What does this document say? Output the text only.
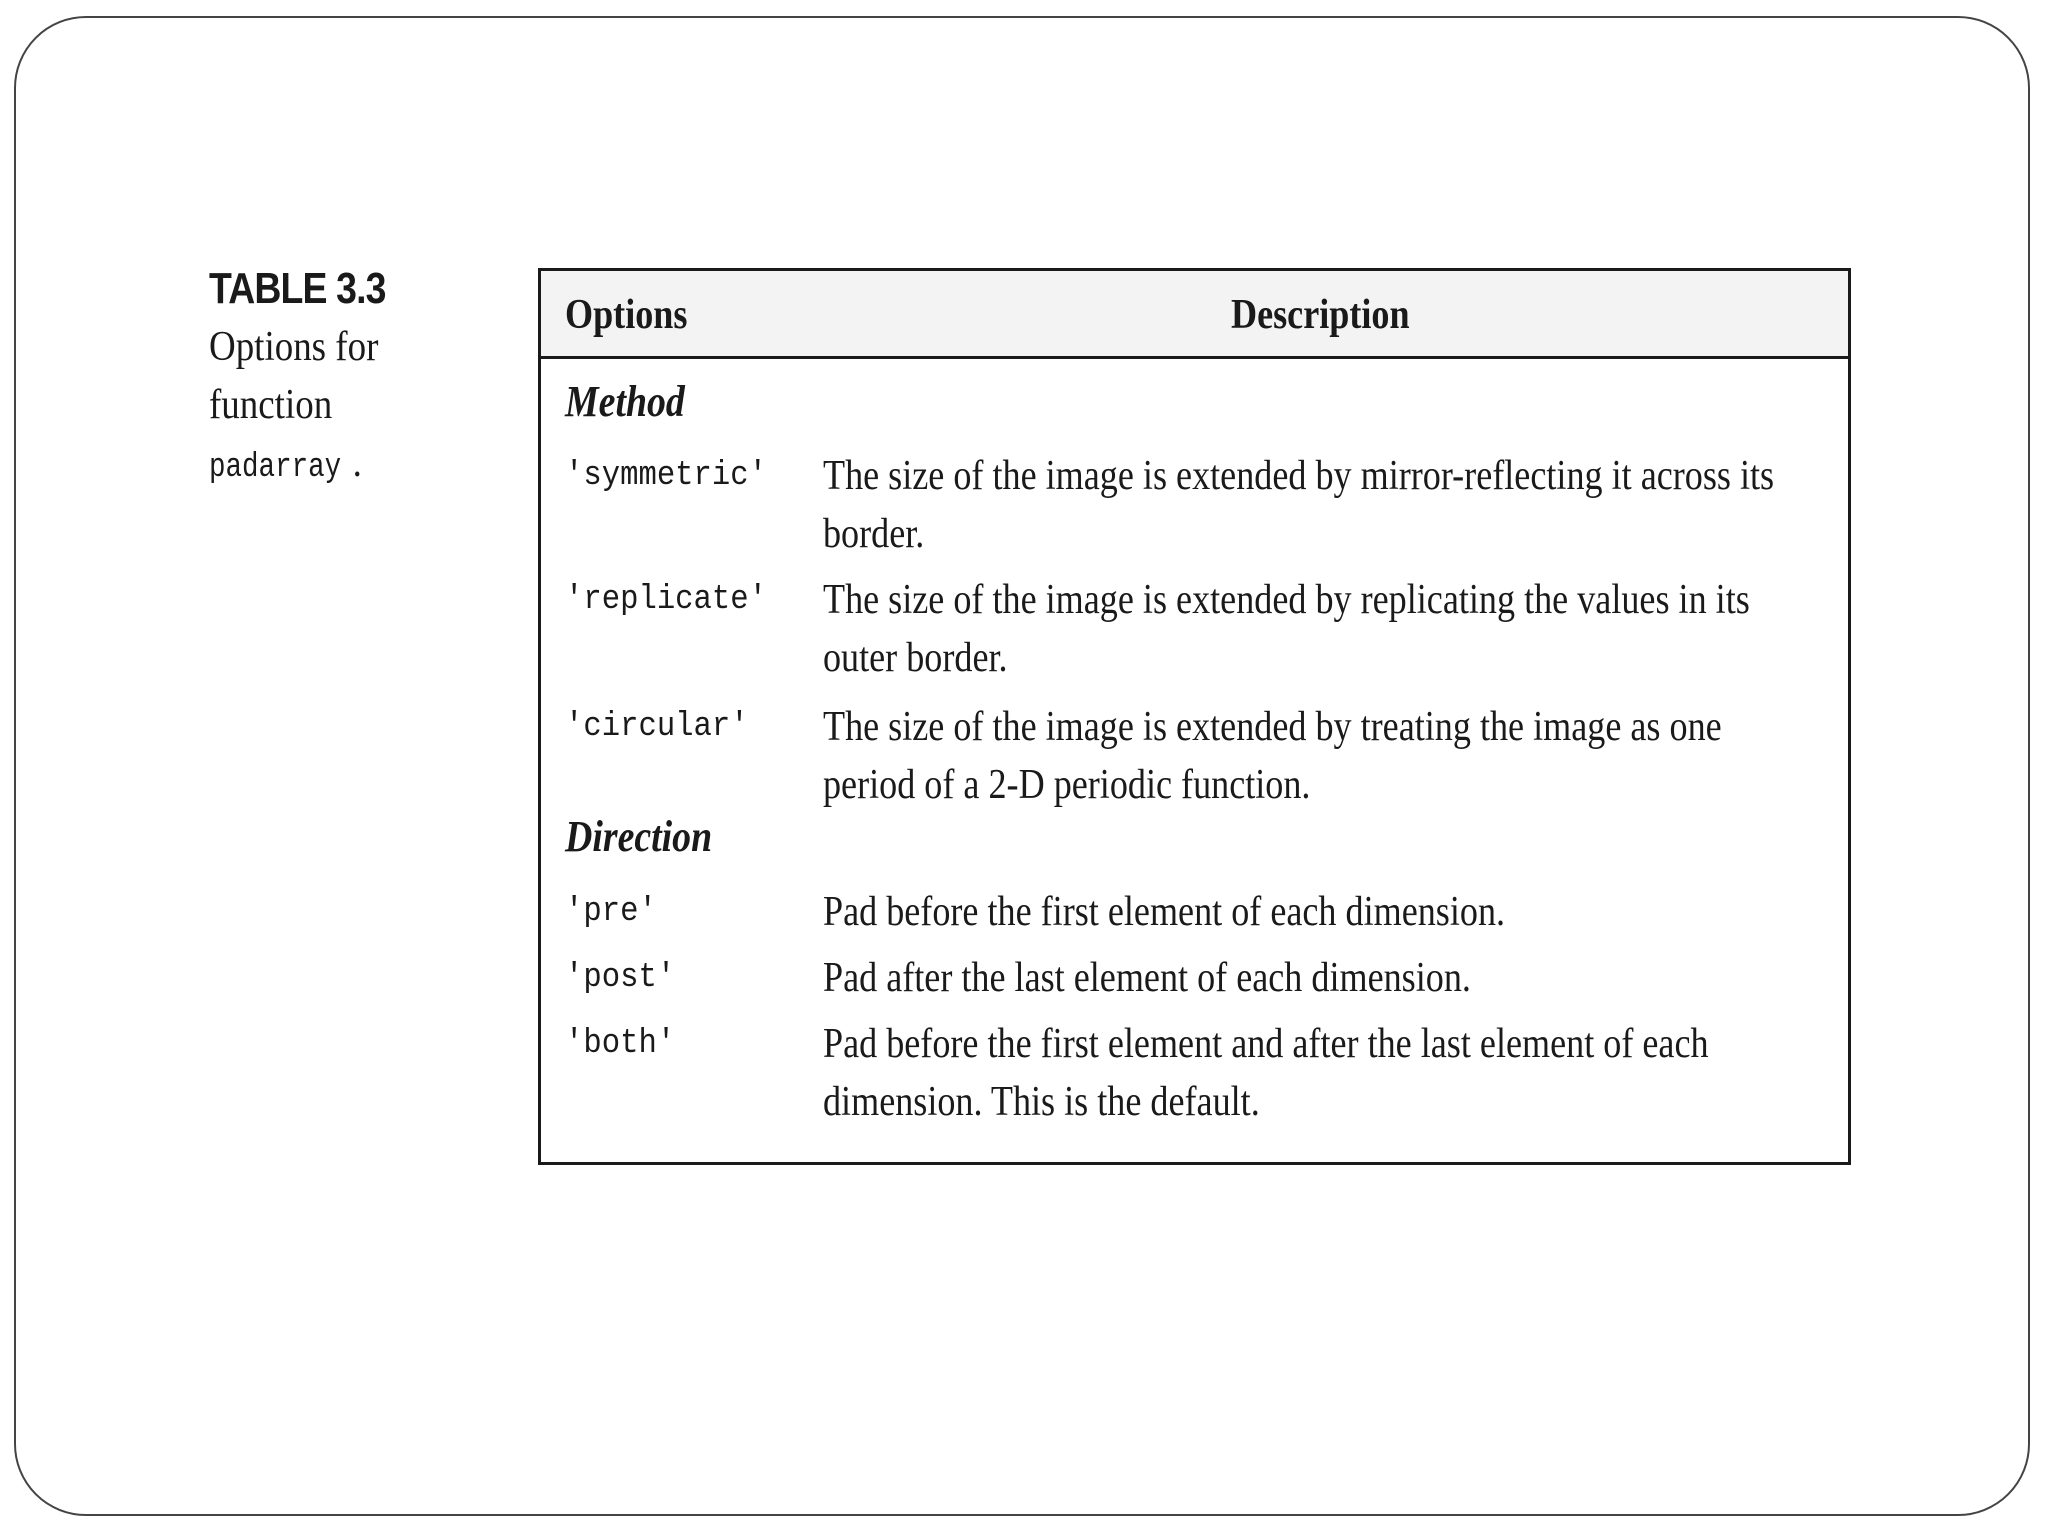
TABLE 3.3
Options for
function
padarray .
Options	Description
Method
'symmetric' The size of the image is extended by mirror-reflecting it across its
border.
'replicate' The size of the image is extended by replicating the values in its
outer border.
'circular' The size of the image is extended by treating the image as one
period of a 2-D periodic function.
Direction
'pre'	Pad before the first element of each dimension.
'post'	Pad after the last element of each dimension.
'both'	Pad before the first element and after the last element of each
dimension. This is the default.
